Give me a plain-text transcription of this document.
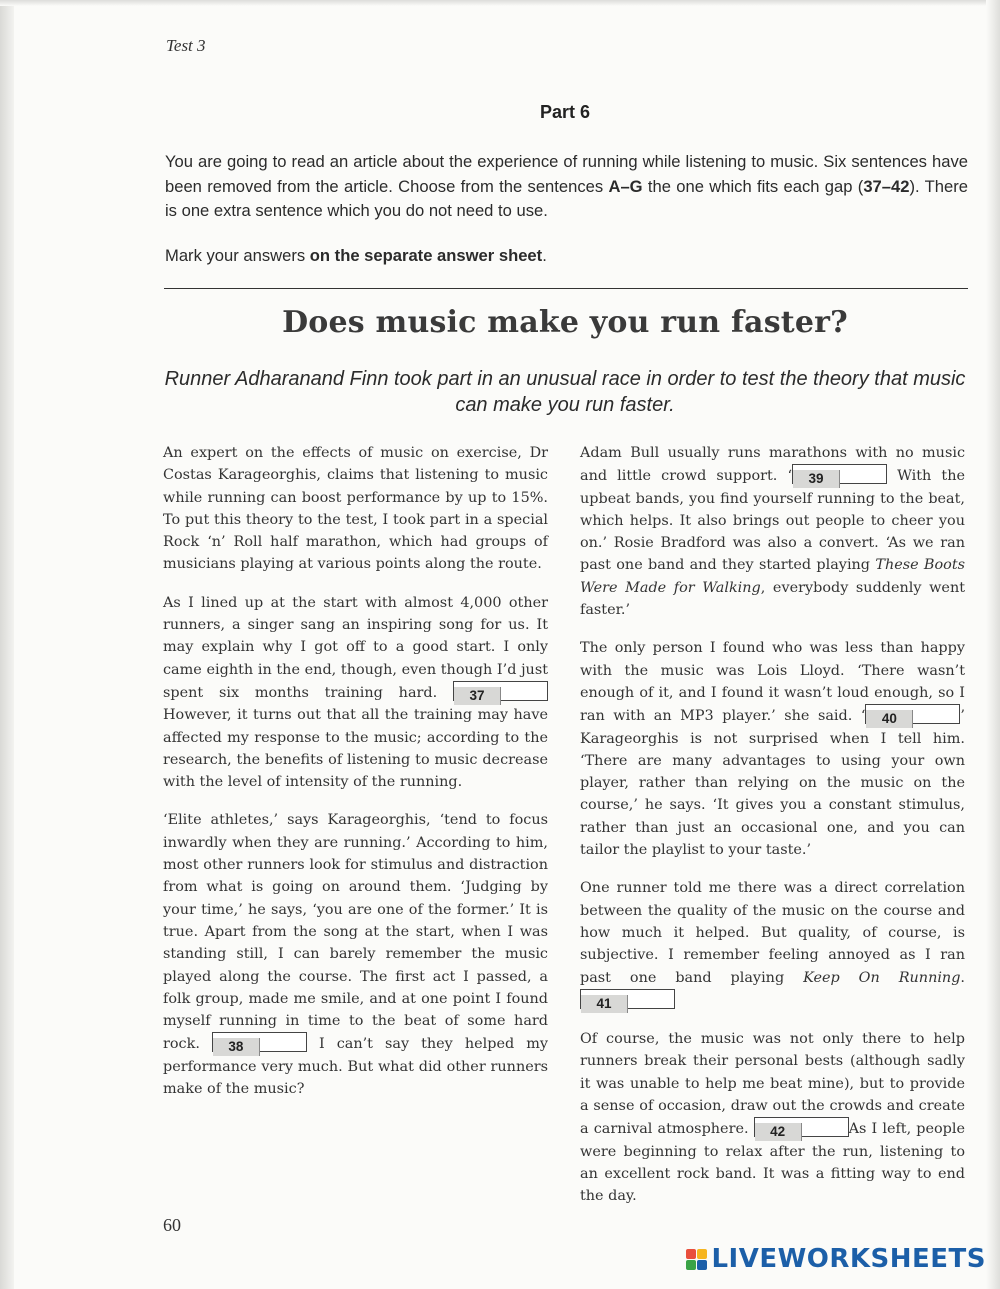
Test 3
Part 6
You are going to read an article about the experience of running while listening to music. Six sentences have been removed from the article. Choose from the sentences A–G the one which fits each gap (37–42). There is one extra sentence which you do not need to use.
Mark your answers on the separate answer sheet.
Does music make you run faster?
Runner Adharanand Finn took part in an unusual race in order to test the theory that music can make you run faster.

An expert on the effects of music on exercise, Dr Costas Karageorghis, claims that listening to music while running can boost performance by up to 15%. To put this theory to the test, I took part in a special Rock ‘n’ Roll half marathon, which had groups of musicians playing at various points along the route.

As I lined up at the start with almost 4,000 other runners, a singer sang an inspiring song for us. It may explain why I got off to a good start. I only came eighth in the end, though, even though I’d just spent six months training hard. 37 However, it turns out that all the training may have affected my response to the music; according to the research, the benefits of listening to music decrease with the level of intensity of the running.

‘Elite athletes,’ says Karageorghis, ‘tend to focus inwardly when they are running.’ According to him, most other runners look for stimulus and distraction from what is going on around them. ‘Judging by your time,’ he says, ‘you are one of the former.’ It is true. Apart from the song at the start, when I was standing still, I can barely remember the music played along the course. The first act I passed, a folk group, made me smile, and at one point I found myself running in time to the beat of some hard rock. 38	I can’t say they helped my performance very much. But what did other runners make of the music?

Adam Bull usually runs marathons with no music and little crowd support. ‘ 39	With the upbeat bands, you find yourself running to the beat, which helps. It also brings out people to cheer you on.’ Rosie Bradford was also a convert. ‘As we ran past one band and they started playing These Boots Were Made for Walking, everybody suddenly went faster.’

The only person I found who was less than happy with the music was Lois Lloyd. ‘There wasn’t enough of it, and I found it wasn’t loud enough, so I ran with an MP3 player.’ she said. ‘ 40	’ Karageorghis is not surprised when I tell him. ‘There are many advantages to using your own player, rather than relying on the music on the course,’ he says. ‘It gives you a constant stimulus, rather than just an occasional one, and you can tailor the playlist to your taste.’

One runner told me there was a direct correlation between the quality of the music on the course and how much it helped. But quality, of course, is subjective. I remember feeling annoyed as I ran past one band playing Keep On Running. 41

Of course, the music was not only there to help runners break their personal bests (although sadly it was unable to help me beat mine), but to provide a sense of occasion, draw out the crowds and create a carnival atmosphere. 42	As I left, people were beginning to relax after the run, listening to an excellent rock band. It was a fitting way to end the day.

60
LIVEWORKSHEETS
